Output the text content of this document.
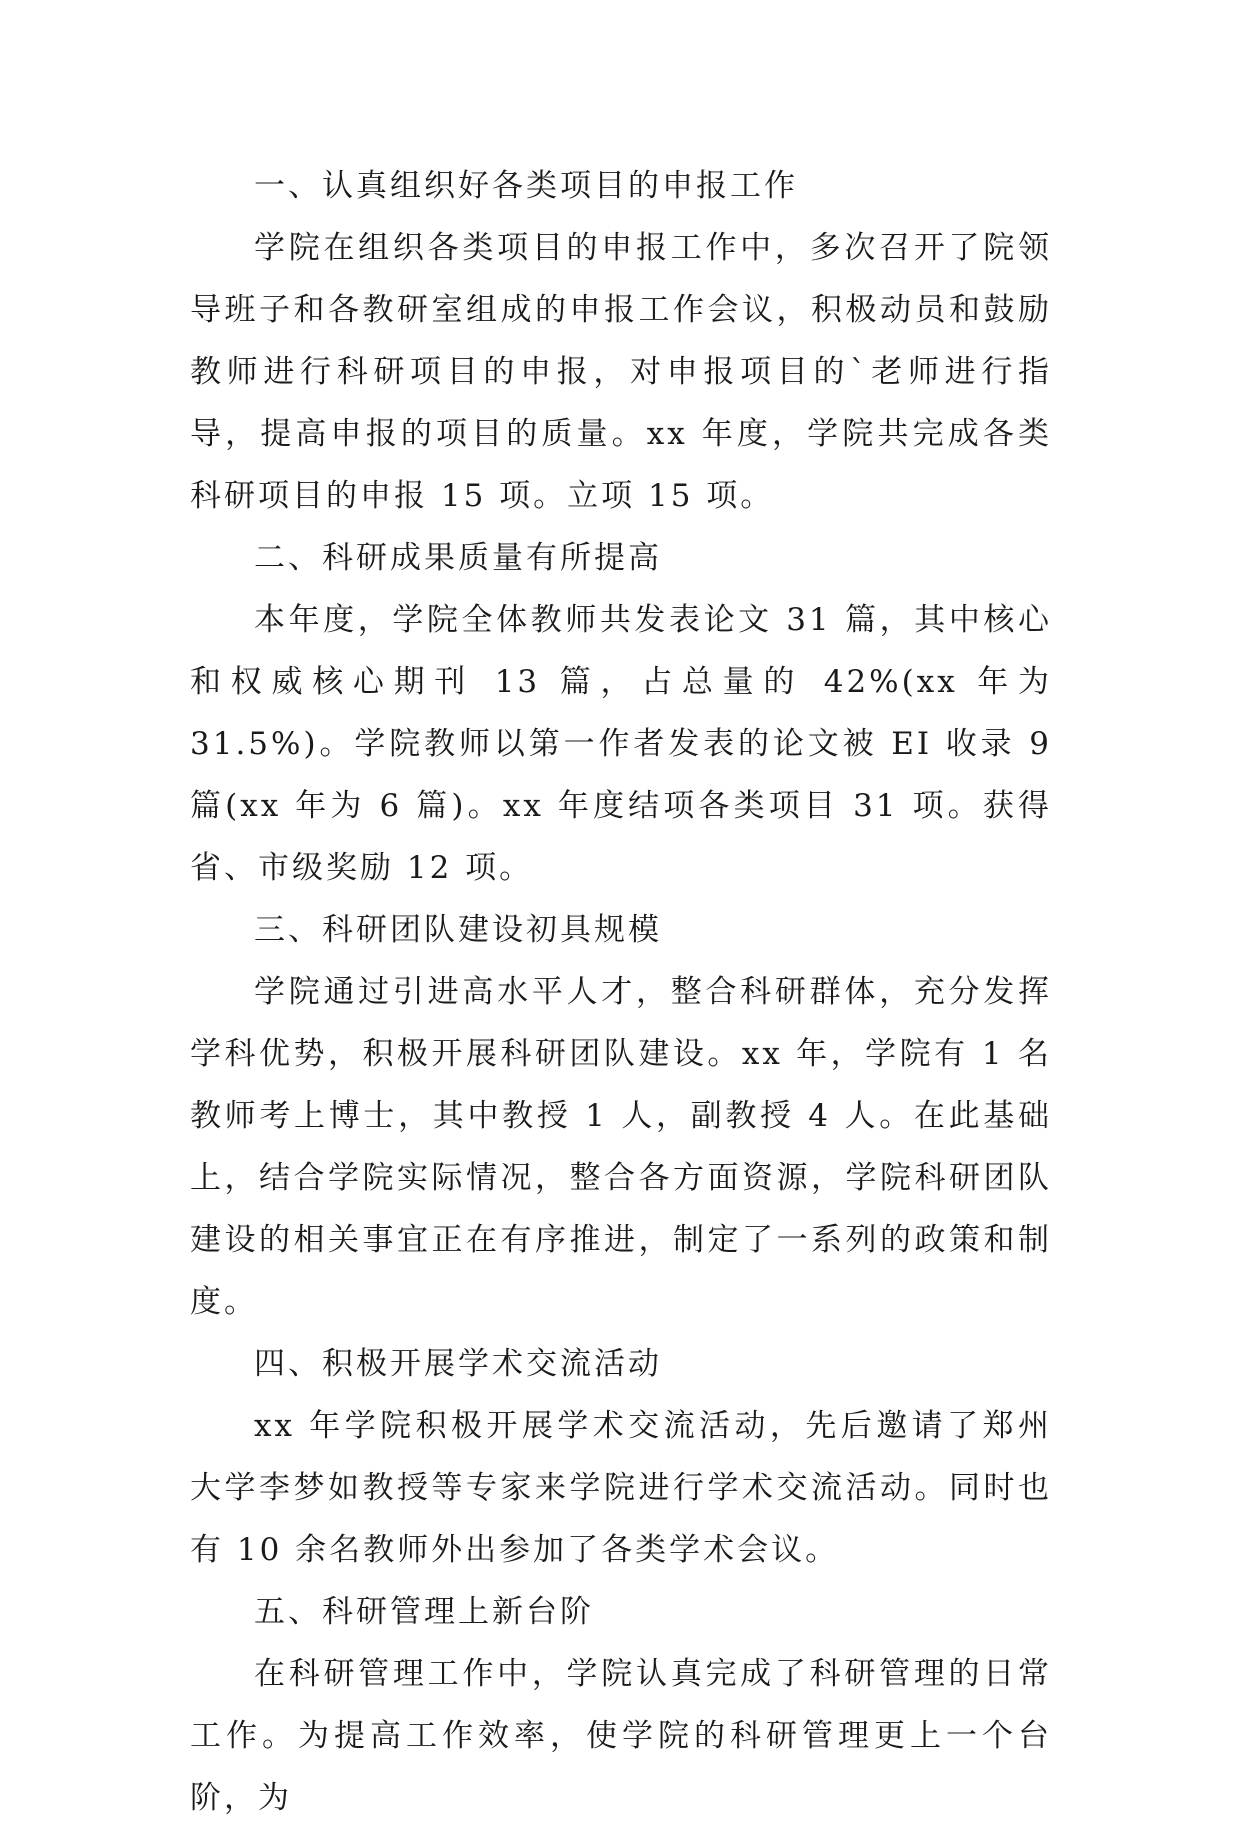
一、认真组织好各类项目的申报工作

学院在组织各类项目的申报工作中，多次召开了院领导班子和各教研室组成的申报工作会议，积极动员和鼓励教师进行科研项目的申报，对申报项目的`老师进行指导，提高申报的项目的质量。xx 年度，学院共完成各类科研项目的申报 15 项。立项 15 项。

二、科研成果质量有所提高

本年度，学院全体教师共发表论文 31 篇，其中核心和权威核心期刊 13 篇，占总量的 42%(xx 年为 31.5%)。学院教师以第一作者发表的论文被 EI 收录 9 篇(xx 年为 6 篇)。xx 年度结项各类项目 31 项。获得省、市级奖励 12 项。

三、科研团队建设初具规模

学院通过引进高水平人才，整合科研群体，充分发挥学科优势，积极开展科研团队建设。xx 年，学院有 1 名教师考上博士，其中教授 1 人，副教授 4 人。在此基础上，结合学院实际情况，整合各方面资源，学院科研团队建设的相关事宜正在有序推进，制定了一系列的政策和制度。

四、积极开展学术交流活动

xx 年学院积极开展学术交流活动，先后邀请了郑州大学李梦如教授等专家来学院进行学术交流活动。同时也有 10 余名教师外出参加了各类学术会议。

五、科研管理上新台阶

在科研管理工作中，学院认真完成了科研管理的日常工作。为提高工作效率，使学院的科研管理更上一个台阶，为
